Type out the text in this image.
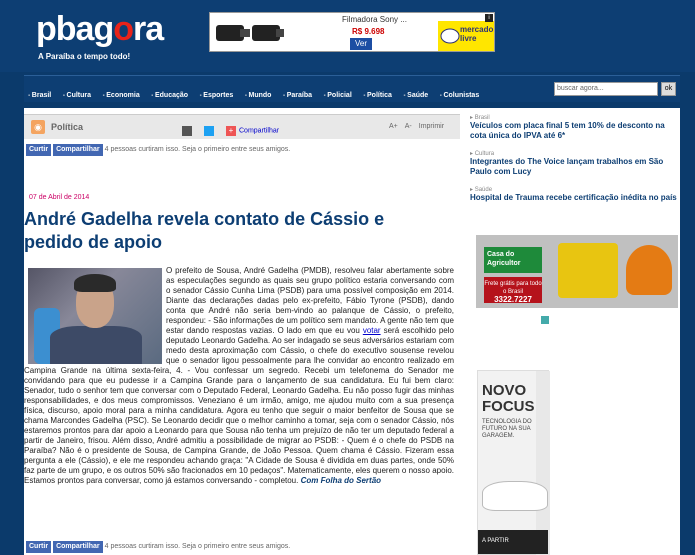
pbagora
A Paraíba o tempo todo!
Filmadora Sony ...
R$ 9.698
Ver
mercado livre
i
▪ Brasil ▪ Cultura ▪ Economia ▪ Educação ▪ Esportes ▪ Mundo ▪ Paraíba ▪ Policial ▪ Política ▪ Saúde ▪ Colunistas
buscar agora...	ok
◉	Política	+ Compartilhar
A+ A- Imprimir
Curtir Compartilhar 4 pessoas curtiram isso. Seja o primeiro entre seus amigos.
07 de Abril de 2014
André Gadelha revela contato de Cássio e pedido de apoio
O prefeito de Sousa, André Gadelha (PMDB), resolveu falar abertamente sobre as especulações segundo as quais seu grupo político estaria conversando com o senador Cássio Cunha Lima (PSDB) para uma possível composição em 2014. Diante das declarações dadas pelo ex-prefeito, Fábio Tyrone (PSDB), dando conta que André não seria bem-vindo ao palanque de Cássio, o prefeito, respondeu: - São informações de um político sem mandato. A gente não tem que estar dando respostas vazias. O lado em que eu vou votar será escolhido pelo deputado Leonardo Gadelha. Ao ser indagado se seus adversários estariam com medo desta aproximação com Cássio, o chefe do executivo sousense revelou que o senador ligou pessoalmente para lhe convidar ao encontro realizado em Campina Grande na última sexta-feira, 4. - Vou confessar um segredo. Recebi um telefonema do Senador me convidando para que eu pudesse ir a Campina Grande para o lançamento de sua candidatura. Eu fui bem claro: Senador, tudo o senhor tem que conversar com o Deputado Federal, Leonardo Gadelha. Eu não posso fugir das minhas responsabilidades, e dos meus compromissos. Veneziano é um irmão, amigo, me ajudou muito com a sua presença física, discurso, apoio moral para a minha candidatura. Agora eu tenho que seguir o maior benfeitor de Sousa que se chama Marcondes Gadelha (PSC). Se Leonardo decidir que o melhor caminho a tomar, seja com o senador Cássio, nós estaremos prontos para dar apoio a Leonardo para que Sousa não tenha um prejuízo de não ter um deputado federal a partir de Janeiro, frisou. Além disso, André admitiu a possibilidade de migrar ao PSDB: - Quem é o chefe do PSDB na Paraíba? Não é o presidente de Sousa, de Campina Grande, de João Pessoa. Quem chama é Cássio. Fizeram essa pergunta a ele (Cássio), e ele me respondeu achando graça: "A Cidade de Sousa é dividida em duas partes, onde 50% faz parte de um grupo, e os outros 50% são fracionados em 10 pedaços". Matematicamente, eles querem o nosso apoio. Estamos prontos para conversar, como já estamos conversando - completou. Com Folha do Sertão
Curtir Compartilhar 4 pessoas curtiram isso. Seja o primeiro entre seus amigos.
▸ Brasil
Veículos com placa final 5 tem 10% de desconto na cota única do IPVA até 6*
▸ Cultura
Integrantes do The Voice lançam trabalhos em São Paulo com Lucy
▸ Saúde
Hospital de Trauma recebe certificação inédita no país
Casa do Agricultor
Frete grátis para todo o Brasil
3322.7227
NOVO
FOCUS
TECNOLOGIA DO FUTURO NA SUA GARAGEM.
A PARTIR
